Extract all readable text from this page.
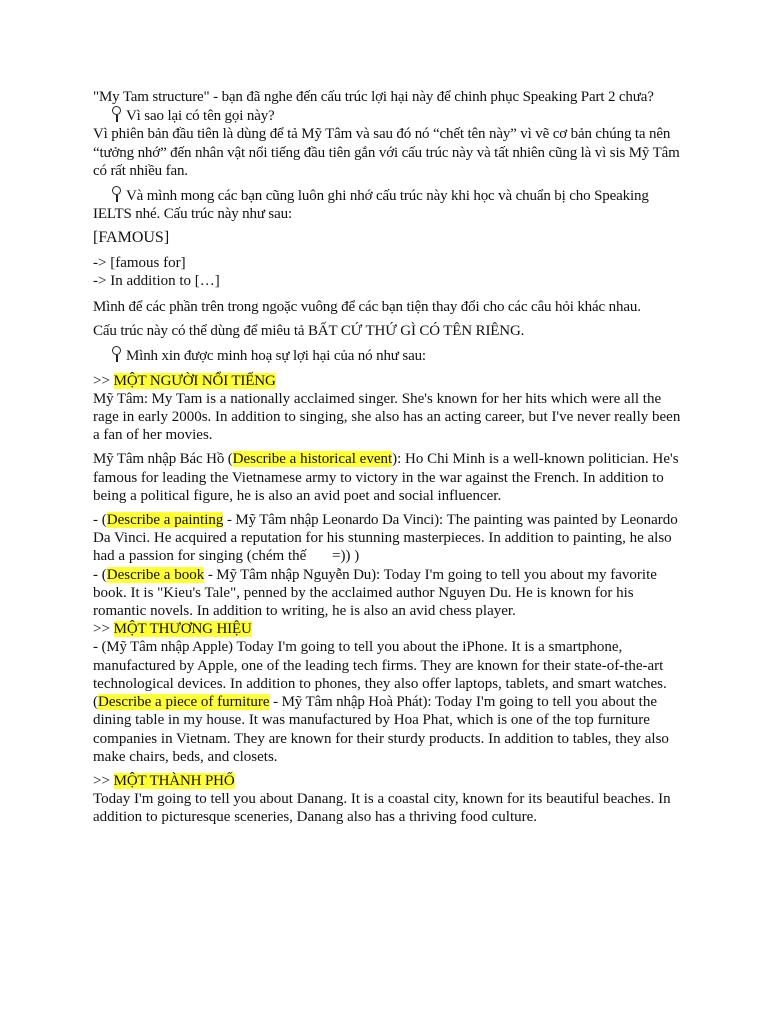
"My Tam structure" - bạn đã nghe đến cấu trúc lợi hại này để chinh phục Speaking Part 2 chưa?

Vì sao lại có tên gọi này?

Vì phiên bản đầu tiên là dùng để tả Mỹ Tâm và sau đó nó “chết tên này” vì vẽ cơ bản chúng ta nên “tưởng nhớ” đến nhân vật nổi tiếng đầu tiên gắn với cấu trúc này và tất nhiên cũng là vì sis Mỹ Tâm có rất nhiều fan.

Và mình mong các bạn cũng luôn ghi nhớ cấu trúc này khi học và chuẩn bị cho Speaking IELTS nhé. Cấu trúc này như sau:

[FAMOUS]

-> [famous for]

-> In addition to […]

Mình để các phần trên trong ngoặc vuông để các bạn tiện thay đổi cho các câu hỏi khác nhau.

Cấu trúc này có thể dùng để miêu tả BẤT CỨ THỨ GÌ CÓ TÊN RIÊNG.

Mình xin được minh hoạ sự lợi hại của nó như sau:

>> MỘT NGƯỜI NỔI TIẾNG

Mỹ Tâm: My Tam is a nationally acclaimed singer. She's known for her hits which were all the rage in early 2000s. In addition to singing, she also has an acting career, but I've never really been a fan of her movies.

Mỹ Tâm nhập Bác Hồ (Describe a historical event): Ho Chi Minh is a well-known politician. He's famous for leading the Vietnamese army to victory in the war against the French. In addition to being a political figure, he is also an avid poet and social influencer.

- (Describe a painting - Mỹ Tâm nhập Leonardo Da Vinci): The painting was painted by Leonardo Da Vinci. He acquired a reputation for his stunning masterpieces. In addition to painting, he also had a passion for singing (chém thế =)) )

- (Describe a book - Mỹ Tâm nhập Nguyễn Du): Today I'm going to tell you about my favorite book. It is "Kieu's Tale", penned by the acclaimed author Nguyen Du. He is known for his romantic novels. In addition to writing, he is also an avid chess player.

>> MỘT THƯƠNG HIỆU

- (Mỹ Tâm nhập Apple) Today I'm going to tell you about the iPhone. It is a smartphone, manufactured by Apple, one of the leading tech firms. They are known for their state-of-the-art technological devices. In addition to phones, they also offer laptops, tablets, and smart watches.

(Describe a piece of furniture - Mỹ Tâm nhập Hoà Phát): Today I'm going to tell you about the dining table in my house. It was manufactured by Hoa Phat, which is one of the top furniture companies in Vietnam. They are known for their sturdy products. In addition to tables, they also make chairs, beds, and closets.

>> MỘT THÀNH PHỐ

Today I'm going to tell you about Danang. It is a coastal city, known for its beautiful beaches. In addition to picturesque sceneries, Danang also has a thriving food culture.
